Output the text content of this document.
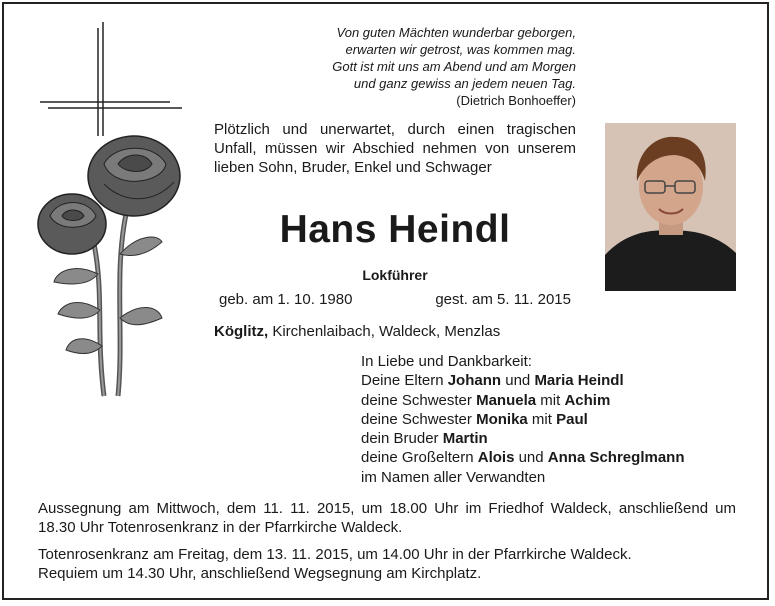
Von guten Mächten wunderbar geborgen,
erwarten wir getrost, was kommen mag.
Gott ist mit uns am Abend und am Morgen
und ganz gewiss an jedem neuen Tag.
(Dietrich Bonhoeffer)
Plötzlich und unerwartet, durch einen tragischen Unfall, müssen wir Abschied nehmen von unserem lieben Sohn, Bruder, Enkel und Schwager
Hans Heindl
Lokführer
geb. am 1. 10. 1980	gest. am 5. 11. 2015
Köglitz, Kirchenlaibach, Waldeck, Menzlas
In Liebe und Dankbarkeit:
Deine Eltern Johann und Maria Heindl
deine Schwester Manuela mit Achim
deine Schwester Monika mit Paul
dein Bruder Martin
deine Großeltern Alois und Anna Schreglmann
im Namen aller Verwandten
Aussegnung am Mittwoch, dem 11. 11. 2015, um 18.00 Uhr im Friedhof Waldeck, anschließend um 18.30 Uhr Totenrosenkranz in der Pfarrkirche Waldeck.
Totenrosenkranz am Freitag, dem 13. 11. 2015, um 14.00 Uhr in der Pfarrkirche Waldeck.
Requiem um 14.30 Uhr, anschließend Wegsegnung am Kirchplatz.
